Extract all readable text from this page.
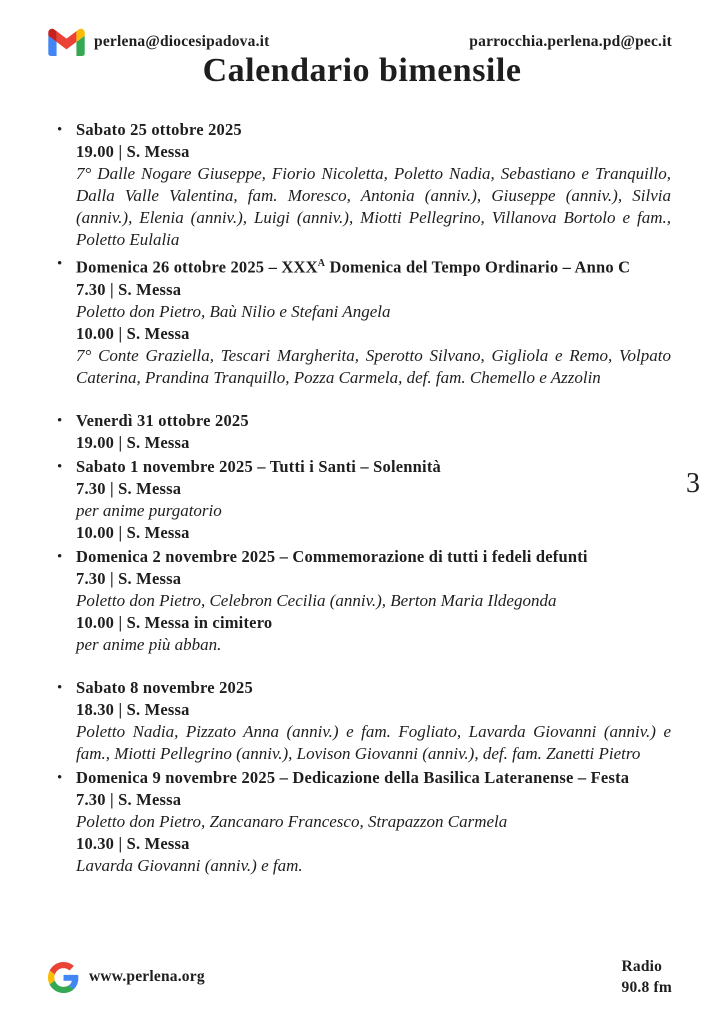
perlena@diocesipadova.it	parrocchia.perlena.pd@pec.it
Calendario bimensile
3
• Sabato 25 ottobre 2025
19.00 | S. Messa
7° Dalle Nogare Giuseppe, Fiorio Nicoletta, Poletto Nadia, Sebastiano e Tranquillo, Dalla Valle Valentina, fam. Moresco, Antonia (anniv.), Giuseppe (anniv.), Silvia (anniv.), Elenia (anniv.), Luigi (anniv.), Miotti Pellegrino, Villanova Bortolo e fam., Poletto Eulalia
• Domenica 26 ottobre $2025 - XXX^A$ Domenica del Tempo Ordinario – Anno C
7.30 | S. Messa
Poletto don Pietro, Baù Nilio e Stefani Angela
10.00 | S. Messa
7° Conte Graziella, Tescari Margherita, Sperotto Silvano, Gigliola e Remo, Volpato Caterina, Prandina Tranquillo, Pozza Carmela, def. fam. Chemello e Azzolin
• Venerdì 31 ottobre 2025
19.00 | S. Messa
• Sabato 1 novembre 2025 – Tutti i Santi – Solennità
7.30 | S. Messa
per anime purgatorio
10.00 | S. Messa
• Domenica 2 novembre 2025 – Commemorazione di tutti i fedeli defunti
7.30 | S. Messa
Poletto don Pietro, Celebron Cecilia (anniv.), Berton Maria Ildegonda
10.00 | S. Messa in cimitero
per anime più abban.
• Sabato 8 novembre 2025
18.30 | S. Messa
Poletto Nadia, Pizzato Anna (anniv.) e fam. Fogliato, Lavarda Giovanni (anniv.) e fam., Miotti Pellegrino (anniv.), Lovison Giovanni (anniv.), def. fam. Zanetti Pietro
• Domenica 9 novembre 2025 – Dedicazione della Basilica Lateranense – Festa
7.30 | S. Messa
Poletto don Pietro, Zancanaro Francesco, Strapazzon Carmela
10.30 | S. Messa
Lavarda Giovanni (anniv.) e fam.
www.perlena.org
Radio
90.8 fm
